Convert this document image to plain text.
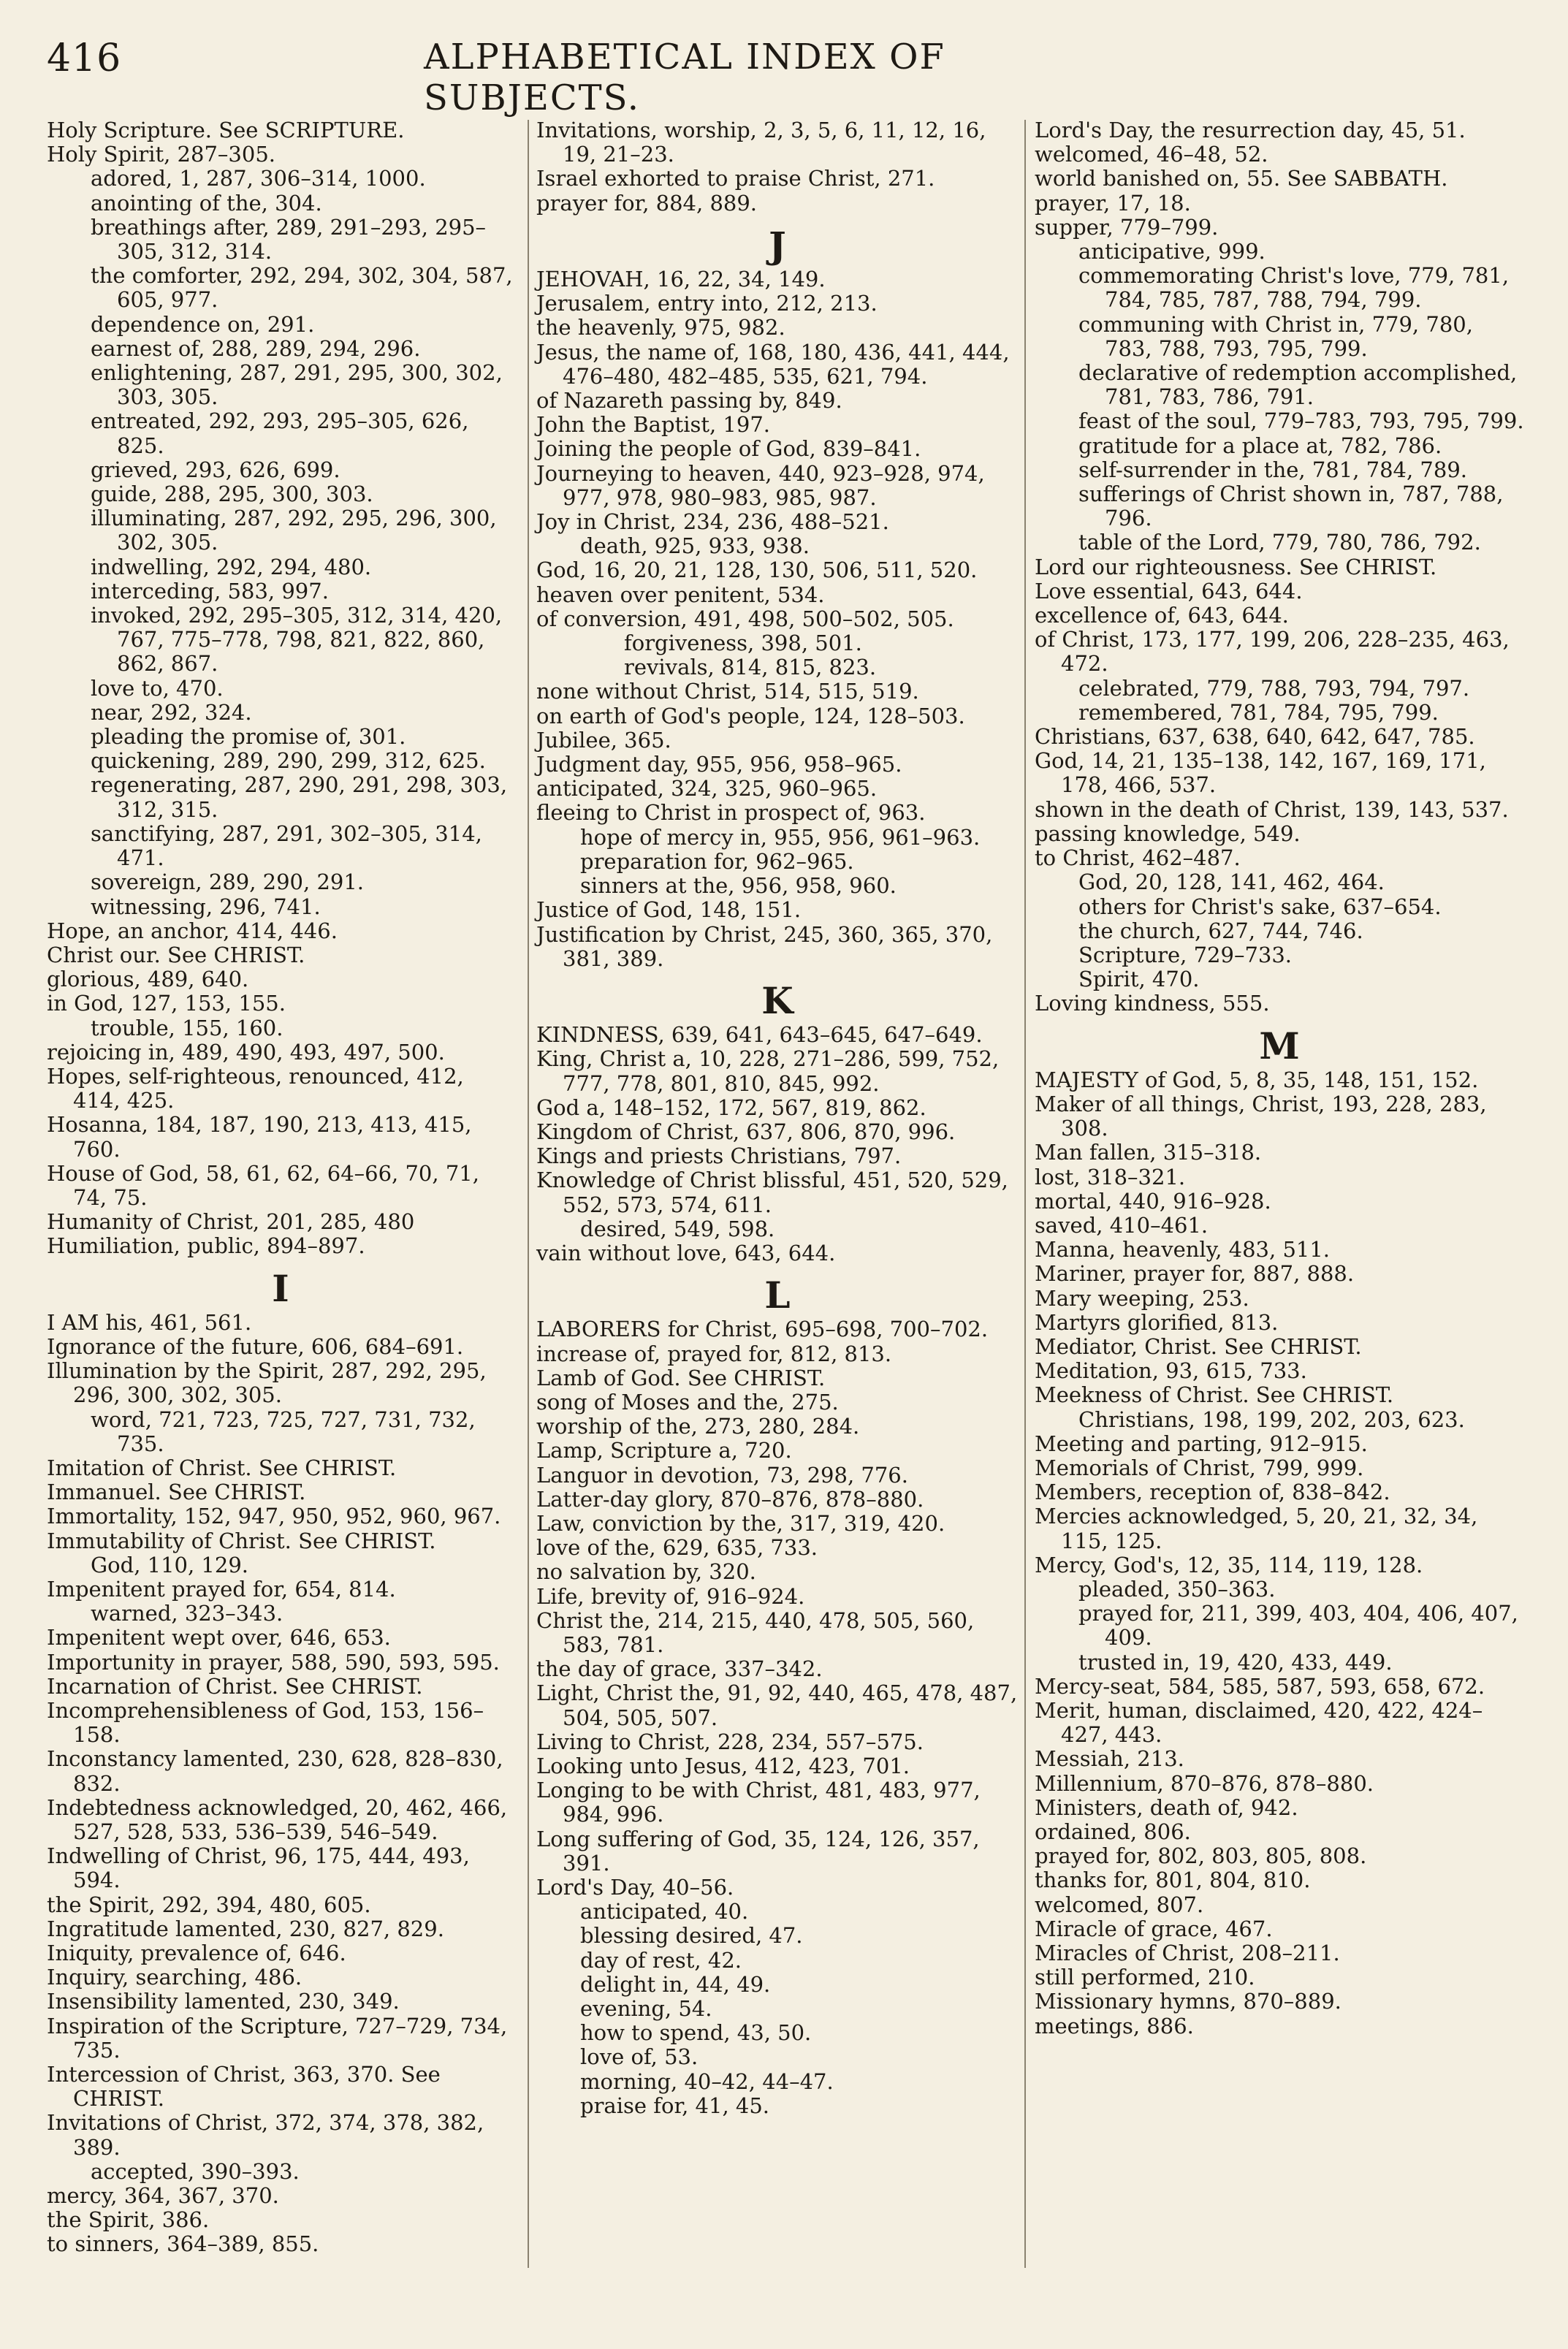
416	ALPHABETICAL INDEX OF SUBJECTS.

Holy Scripture. See SCRIPTURE.

Holy Spirit, 287–305.

adored, 1, 287, 306–314, 1000.

anointing of the, 304.

breathings after, 289, 291–293, 295–305, 312, 314.

the comforter, 292, 294, 302, 304, 587, 605, 977.

dependence on, 291.

earnest of, 288, 289, 294, 296.

enlightening, 287, 291, 295, 300, 302, 303, 305.

entreated, 292, 293, 295–305, 626, 825.

grieved, 293, 626, 699.

guide, 288, 295, 300, 303.

illuminating, 287, 292, 295, 296, 300, 302, 305.

indwelling, 292, 294, 480.

interceding, 583, 997.

invoked, 292, 295–305, 312, 314, 420, 767, 775–778, 798, 821, 822, 860, 862, 867.

love to, 470.

near, 292, 324.

pleading the promise of, 301.

quickening, 289, 290, 299, 312, 625.

regenerating, 287, 290, 291, 298, 303, 312, 315.

sanctifying, 287, 291, 302–305, 314, 471.

sovereign, 289, 290, 291.

witnessing, 296, 741.

Hope, an anchor, 414, 446.

Christ our. See CHRIST.

glorious, 489, 640.

in God, 127, 153, 155.

trouble, 155, 160.

rejoicing in, 489, 490, 493, 497, 500.

Hopes, self-righteous, renounced, 412, 414, 425.

Hosanna, 184, 187, 190, 213, 413, 415, 760.

House of God, 58, 61, 62, 64–66, 70, 71, 74, 75.

Humanity of Christ, 201, 285, 480

Humiliation, public, 894–897.

I

I AM his, 461, 561.

Ignorance of the future, 606, 684–691.

Illumination by the Spirit, 287, 292, 295, 296, 300, 302, 305.

word, 721, 723, 725, 727, 731, 732, 735.

Imitation of Christ. See CHRIST.

Immanuel. See CHRIST.

Immortality, 152, 947, 950, 952, 960, 967.

Immutability of Christ. See CHRIST.

God, 110, 129.

Impenitent prayed for, 654, 814.

warned, 323–343.

Impenitent wept over, 646, 653.

Importunity in prayer, 588, 590, 593, 595.

Incarnation of Christ. See CHRIST.

Incomprehensibleness of God, 153, 156–158.

Inconstancy lamented, 230, 628, 828–830, 832.

Indebtedness acknowledged, 20, 462, 466, 527, 528, 533, 536–539, 546–549.

Indwelling of Christ, 96, 175, 444, 493, 594.

the Spirit, 292, 394, 480, 605.

Ingratitude lamented, 230, 827, 829.

Iniquity, prevalence of, 646.

Inquiry, searching, 486.

Insensibility lamented, 230, 349.

Inspiration of the Scripture, 727–729, 734, 735.

Intercession of Christ, 363, 370. See CHRIST.

Invitations of Christ, 372, 374, 378, 382, 389.

accepted, 390–393.

mercy, 364, 367, 370.

the Spirit, 386.

to sinners, 364–389, 855.

Invitations, worship, 2, 3, 5, 6, 11, 12, 16, 19, 21–23.

Israel exhorted to praise Christ, 271.

prayer for, 884, 889.

J

JEHOVAH, 16, 22, 34, 149.

Jerusalem, entry into, 212, 213.

the heavenly, 975, 982.

Jesus, the name of, 168, 180, 436, 441, 444, 476–480, 482–485, 535, 621, 794.

of Nazareth passing by, 849.

John the Baptist, 197.

Joining the people of God, 839–841.

Journeying to heaven, 440, 923–928, 974, 977, 978, 980–983, 985, 987.

Joy in Christ, 234, 236, 488–521.

death, 925, 933, 938.

God, 16, 20, 21, 128, 130, 506, 511, 520.

heaven over penitent, 534.

of conversion, 491, 498, 500–502, 505.

forgiveness, 398, 501.

revivals, 814, 815, 823.

none without Christ, 514, 515, 519.

on earth of God's people, 124, 128–503.

Jubilee, 365.

Judgment day, 955, 956, 958–965.

anticipated, 324, 325, 960–965.

fleeing to Christ in prospect of, 963.

hope of mercy in, 955, 956, 961–963.

preparation for, 962–965.

sinners at the, 956, 958, 960.

Justice of God, 148, 151.

Justification by Christ, 245, 360, 365, 370, 381, 389.

K

KINDNESS, 639, 641, 643–645, 647–649.

King, Christ a, 10, 228, 271–286, 599, 752, 777, 778, 801, 810, 845, 992.

God a, 148–152, 172, 567, 819, 862.

Kingdom of Christ, 637, 806, 870, 996.

Kings and priests Christians, 797.

Knowledge of Christ blissful, 451, 520, 529, 552, 573, 574, 611.

desired, 549, 598.

vain without love, 643, 644.

L

LABORERS for Christ, 695–698, 700–702.

increase of, prayed for, 812, 813.

Lamb of God. See CHRIST.

song of Moses and the, 275.

worship of the, 273, 280, 284.

Lamp, Scripture a, 720.

Languor in devotion, 73, 298, 776.

Latter-day glory, 870–876, 878–880.

Law, conviction by the, 317, 319, 420.

love of the, 629, 635, 733.

no salvation by, 320.

Life, brevity of, 916–924.

Christ the, 214, 215, 440, 478, 505, 560, 583, 781.

the day of grace, 337–342.

Light, Christ the, 91, 92, 440, 465, 478, 487, 504, 505, 507.

Living to Christ, 228, 234, 557–575.

Looking unto Jesus, 412, 423, 701.

Longing to be with Christ, 481, 483, 977, 984, 996.

Long suffering of God, 35, 124, 126, 357, 391.

Lord's Day, 40–56.

anticipated, 40.

blessing desired, 47.

day of rest, 42.

delight in, 44, 49.

evening, 54.

how to spend, 43, 50.

love of, 53.

morning, 40–42, 44–47.

praise for, 41, 45.

Lord's Day, the resurrection day, 45, 51.

welcomed, 46–48, 52.

world banished on, 55. See SABBATH.

prayer, 17, 18.

supper, 779–799.

anticipative, 999.

commemorating Christ's love, 779, 781, 784, 785, 787, 788, 794, 799.

communing with Christ in, 779, 780, 783, 788, 793, 795, 799.

declarative of redemption accomplished, 781, 783, 786, 791.

feast of the soul, 779–783, 793, 795, 799.

gratitude for a place at, 782, 786.

self-surrender in the, 781, 784, 789.

sufferings of Christ shown in, 787, 788, 796.

table of the Lord, 779, 780, 786, 792.

Lord our righteousness. See CHRIST.

Love essential, 643, 644.

excellence of, 643, 644.

of Christ, 173, 177, 199, 206, 228–235, 463, 472.

celebrated, 779, 788, 793, 794, 797.

remembered, 781, 784, 795, 799.

Christians, 637, 638, 640, 642, 647, 785.

God, 14, 21, 135–138, 142, 167, 169, 171, 178, 466, 537.

shown in the death of Christ, 139, 143, 537.

passing knowledge, 549.

to Christ, 462–487.

God, 20, 128, 141, 462, 464.

others for Christ's sake, 637–654.

the church, 627, 744, 746.

Scripture, 729–733.

Spirit, 470.

Loving kindness, 555.

M

MAJESTY of God, 5, 8, 35, 148, 151, 152.

Maker of all things, Christ, 193, 228, 283, 308.

Man fallen, 315–318.

lost, 318–321.

mortal, 440, 916–928.

saved, 410–461.

Manna, heavenly, 483, 511.

Mariner, prayer for, 887, 888.

Mary weeping, 253.

Martyrs glorified, 813.

Mediator, Christ. See CHRIST.

Meditation, 93, 615, 733.

Meekness of Christ. See CHRIST.

Christians, 198, 199, 202, 203, 623.

Meeting and parting, 912–915.

Memorials of Christ, 799, 999.

Members, reception of, 838–842.

Mercies acknowledged, 5, 20, 21, 32, 34, 115, 125.

Mercy, God's, 12, 35, 114, 119, 128.

pleaded, 350–363.

prayed for, 211, 399, 403, 404, 406, 407, 409.

trusted in, 19, 420, 433, 449.

Mercy-seat, 584, 585, 587, 593, 658, 672.

Merit, human, disclaimed, 420, 422, 424–427, 443.

Messiah, 213.

Millennium, 870–876, 878–880.

Ministers, death of, 942.

ordained, 806.

prayed for, 802, 803, 805, 808.

thanks for, 801, 804, 810.

welcomed, 807.

Miracle of grace, 467.

Miracles of Christ, 208–211.

still performed, 210.

Missionary hymns, 870–889.

meetings, 886.
